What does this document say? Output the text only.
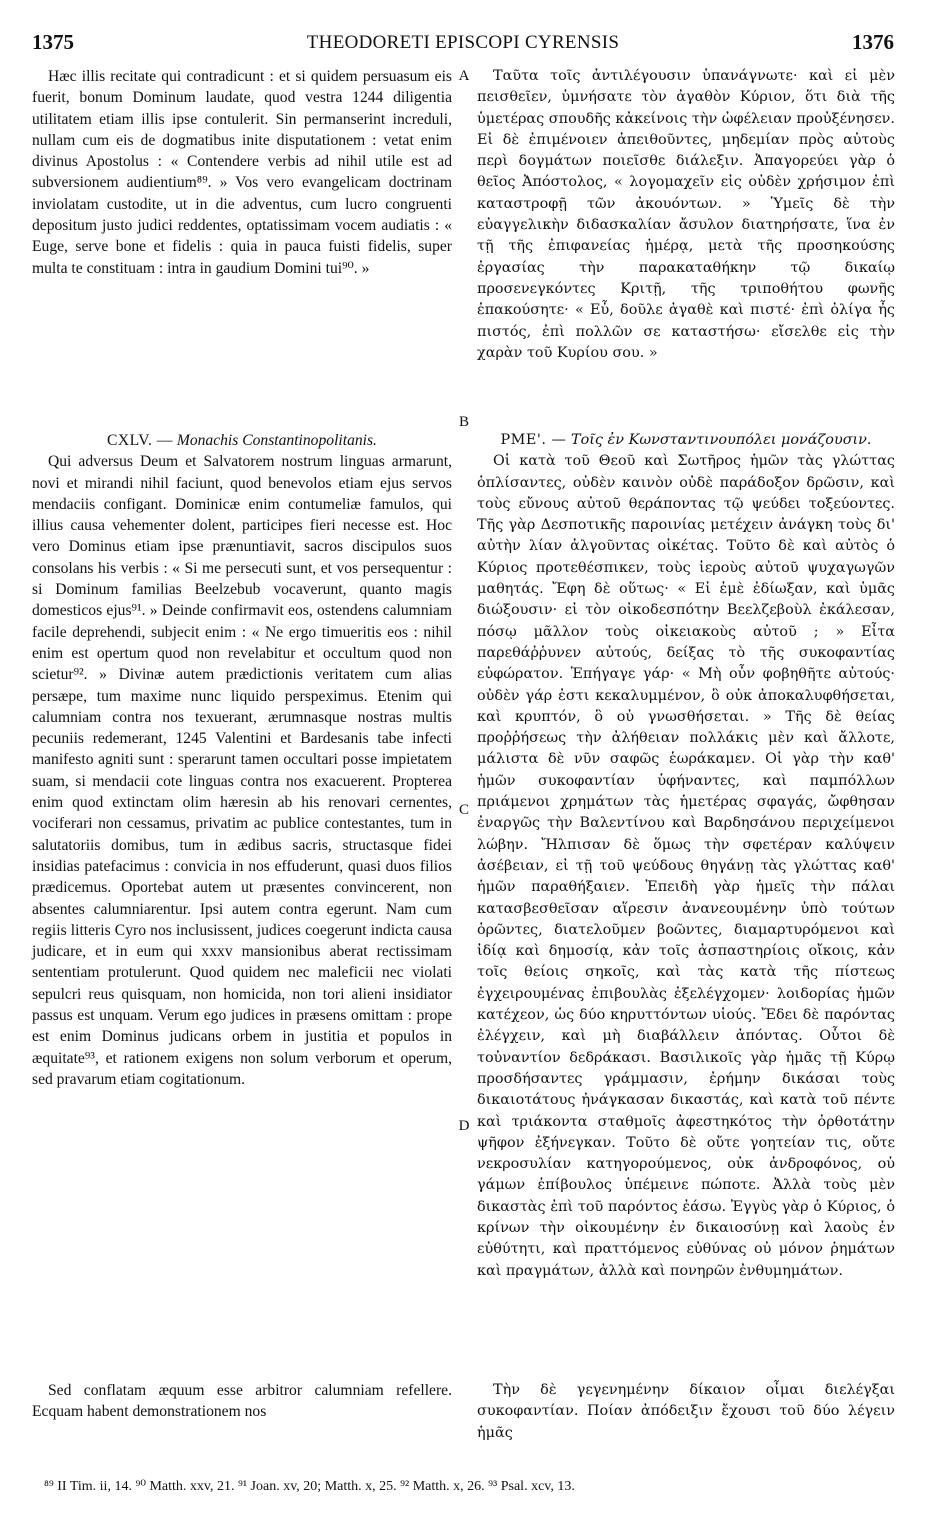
1375	THEODORETI EPISCOPI CYRENSIS	1376

Hæc illis recitate qui contradicunt : et si quidem persuasum eis fuerit, bonum Dominum laudate, quod vestra 1244 diligentia utilitatem etiam illis ipse contulerit. Sin permanserint increduli, nullam cum eis de dogmatibus inite disputationem : vetat enim divinus Apostolus : « Contendere verbis ad nihil utile est ad subversionem audientium⁸⁹. » Vos vero evangelicam doctrinam inviolatam custodite, ut in die adventus, cum lucro congruenti depositum justo judici reddentes, optatissimam vocem audiatis : « Euge, serve bone et fidelis : quia in pauca fuisti fidelis, super multa te constituam : intra in gaudium Domini tui⁹⁰. »

CXLV. — Monachis Constantinopolitanis.

Qui adversus Deum et Salvatorem nostrum linguas armarunt, novi et mirandi nihil faciunt, quod benevolos etiam ejus servos mendaciis configant. Dominicæ enim contumeliæ famulos, qui illius causa vehementer dolent, participes fieri necesse est. Hoc vero Dominus etiam ipse prænuntiavit, sacros discipulos suos consolans his verbis : « Si me persecuti sunt, et vos persequentur : si Dominum familias Beelzebub vocaverunt, quanto magis domesticos ejus⁹¹. » Deinde confirmavit eos, ostendens calumniam facile deprehendi, subjecit enim : « Ne ergo timueritis eos : nihil enim est opertum quod non revelabitur et occultum quod non scietur⁹². » Divinæ autem prædictionis veritatem cum alias persæpe, tum maxime nunc liquido perspeximus. Etenim qui calumniam contra nos texuerant, ærumnasque nostras multis pecuniis redemerant, 1245 Valentini et Bardesanis tabe infecti manifesto agniti sunt : sperarunt tamen occultari posse impietatem suam, si mendacii cote linguas contra nos exacuerent. Propterea enim quod extinctam olim hæresin ab his renovari cernentes, vociferari non cessamus, privatim ac publice contestantes, tum in salutatoriis domibus, tum in ædibus sacris, structasque fidei insidias patefacimus : convicia in nos effuderunt, quasi duos filios prædicemus. Oportebat autem ut præsentes convincerent, non absentes calumniarentur. Ipsi autem contra egerunt. Nam cum regiis litteris Cyro nos inclusissent, judices coegerunt indicta causa judicare, et in eum qui xxxv mansionibus aberat rectissimam sententiam protulerunt. Quod quidem nec maleficii nec violati sepulcri reus quisquam, non homicida, non tori alieni insidiator passus est unquam. Verum ego judices in præsens omittam : prope est enim Dominus judicans orbem in justitia et populos in æquitate⁹³, et rationem exigens non solum verborum et operum, sed pravarum etiam cogitationum.

Sed conflatam æquum esse arbitror calumniam refellere. Ecquam habent demonstrationem nos

Ταῦτα τοῖς ἀντιλέγουσιν ὑπανάγνωτε· καὶ εἰ μὲν πεισθεῖεν, ὑμνήσατε τὸν ἀγαθὸν Κύριον, ὅτι διὰ τῆς ὑμετέρας σπουδῆς κἀκείνοις τὴν ὠφέλειαν προὐξένησεν. Εἰ δὲ ἐπιμένοιεν ἀπειθοῦντες, μηδεμίαν πρὸς αὐτοὺς περὶ δογμάτων ποιεῖσθε διάλεξιν. Ἀπαγορεύει γὰρ ὁ θεῖος Ἀπόστολος, « λογομαχεῖν εἰς οὐδὲν χρήσιμον ἐπὶ καταστροφῇ τῶν ἀκουόντων. » Ὑμεῖς δὲ τὴν εὐαγγελικὴν διδασκαλίαν ἄσυλον διατηρήσατε, ἵνα ἐν τῇ τῆς ἐπιφανείας ἡμέρᾳ, μετὰ τῆς προσηκούσης ἐργασίας τὴν παρακαταθήκην τῷ δικαίῳ προσενεγκόντες Κριτῇ, τῆς τριποθήτου φωνῆς ἐπακούσητε· « Εὖ, δοῦλε ἀγαθὲ καὶ πιστέ· ἐπὶ ὀλίγα ἦς πιστός, ἐπὶ πολλῶν σε καταστήσω· εἴσελθε εἰς τὴν χαρὰν τοῦ Κυρίου σου. »

ΡΜΕ'. — Τοῖς ἐν Κωνσταντινουπόλει μονάζουσιν.

Οἱ κατὰ τοῦ Θεοῦ καὶ Σωτῆρος ἡμῶν τὰς γλώττας ὁπλίσαντες, οὐδὲν καινὸν οὐδὲ παράδοξον δρῶσιν, καὶ τοὺς εὔνους αὐτοῦ θεράποντας τῷ ψεύδει τοξεύοντες. Τῆς γὰρ Δεσποτικῆς παροινίας μετέχειν ἀνάγκη τοὺς δι' αὐτὴν λίαν ἀλγοῦντας οἰκέτας. Τοῦτο δὲ καὶ αὐτὸς ὁ Κύριος προτεθέσπικεν, τοὺς ἱεροὺς αὐτοῦ ψυχαγωγῶν μαθητάς. Ἔφη δὲ οὕτως· « Εἰ ἐμὲ ἐδίωξαν, καὶ ὑμᾶς διώξουσιν· εἰ τὸν οἰκοδεσπότην Βεελζεβοὺλ ἐκάλεσαν, πόσῳ μᾶλλον τοὺς οἰκειακοὺς αὐτοῦ ; » Εἶτα παρεθάῤῥυνεν αὐτούς, δείξας τὸ τῆς συκοφαντίας εὐφώρατον. Ἐπήγαγε γάρ· « Μὴ οὖν φοβηθῆτε αὐτούς· οὐδὲν γάρ ἐστι κεκαλυμμένον, ὃ οὐκ ἀποκαλυφθήσεται, καὶ κρυπτόν, ὃ οὐ γνωσθήσεται. » Τῆς δὲ θείας προῤῥήσεως τὴν ἀλήθειαν πολλάκις μὲν καὶ ἄλλοτε, μάλιστα δὲ νῦν σαφῶς ἑωράκαμεν. Οἱ γὰρ τὴν καθ' ἡμῶν συκοφαντίαν ὑφήναντες, καὶ παμπόλλων πριάμενοι χρημάτων τὰς ἡμετέρας σφαγάς, ὤφθησαν ἐναργῶς τὴν Βαλεντίνου καὶ Βαρδησάνου περιχείμενοι λώβην. Ἤλπισαν δὲ ὅμως τὴν σφετέραν καλύψειν ἀσέβειαν, εἰ τῇ τοῦ ψεύδους θηγάνῃ τὰς γλώττας καθ' ἡμῶν παραθήξαιεν. Ἐπειδὴ γὰρ ἡμεῖς τὴν πάλαι κατασβεσθεῖσαν αἵρεσιν ἀνανεουμένην ὑπὸ τούτων ὁρῶντες, διατελοῦμεν βοῶντες, διαμαρτυρόμενοι καὶ ἰδίᾳ καὶ δημοσίᾳ, κἀν τοῖς ἀσπαστηρίοις οἴκοις, κἀν τοῖς θείοις σηκοῖς, καὶ τὰς κατὰ τῆς πίστεως ἐγχειρουμένας ἐπιβουλὰς ἐξελέγχομεν· λοιδορίας ἡμῶν κατέχεον, ὡς δύο κηρυττόντων υἱούς. Ἔδει δὲ παρόντας ἐλέγχειν, καὶ μὴ διαβάλλειν ἀπόντας. Οὗτοι δὲ τοὐναντίον δεδράκασι. Βασιλικοῖς γὰρ ἡμᾶς τῇ Κύρῳ προσδήσαντες γράμμασιν, ἐρήμην δικάσαι τοὺς δικαιοτάτους ἠνάγκασαν δικαστάς, καὶ κατὰ τοῦ πέντε καὶ τριάκοντα σταθμοῖς ἀφεστηκότος τὴν ὀρθοτάτην ψῆφον ἐξήνεγκαν. Τοῦτο δὲ οὔτε γοητείαν τις, οὔτε νεκροσυλίαν κατηγορούμενος, οὐκ ἀνδροφόνος, οὐ γάμων ἐπίβουλος ὑπέμεινε πώποτε. Ἀλλὰ τοὺς μὲν δικαστὰς ἐπὶ τοῦ παρόντος ἐάσω. Ἐγγὺς γὰρ ὁ Κύριος, ὁ κρίνων τὴν οἰκουμένην ἐν δικαιοσύνῃ καὶ λαοὺς ἐν εὐθύτητι, καὶ πραττόμενος εὐθύνας οὐ μόνον ῥημάτων καὶ πραγμάτων, ἀλλὰ καὶ πονηρῶν ἐνθυμημάτων.

Τὴν δὲ γεγενημένην δίκαιον οἶμαι διελέγξαι συκοφαντίαν. Ποίαν ἀπόδειξιν ἔχουσι τοῦ δύο λέγειν ἡμᾶς

A
B
C
D
⁸⁹ II Tim. ii, 14. ⁹⁰ Matth. xxv, 21. ⁹¹ Joan. xv, 20; Matth. x, 25. ⁹² Matth. x, 26. ⁹³ Psal. xcv, 13.
